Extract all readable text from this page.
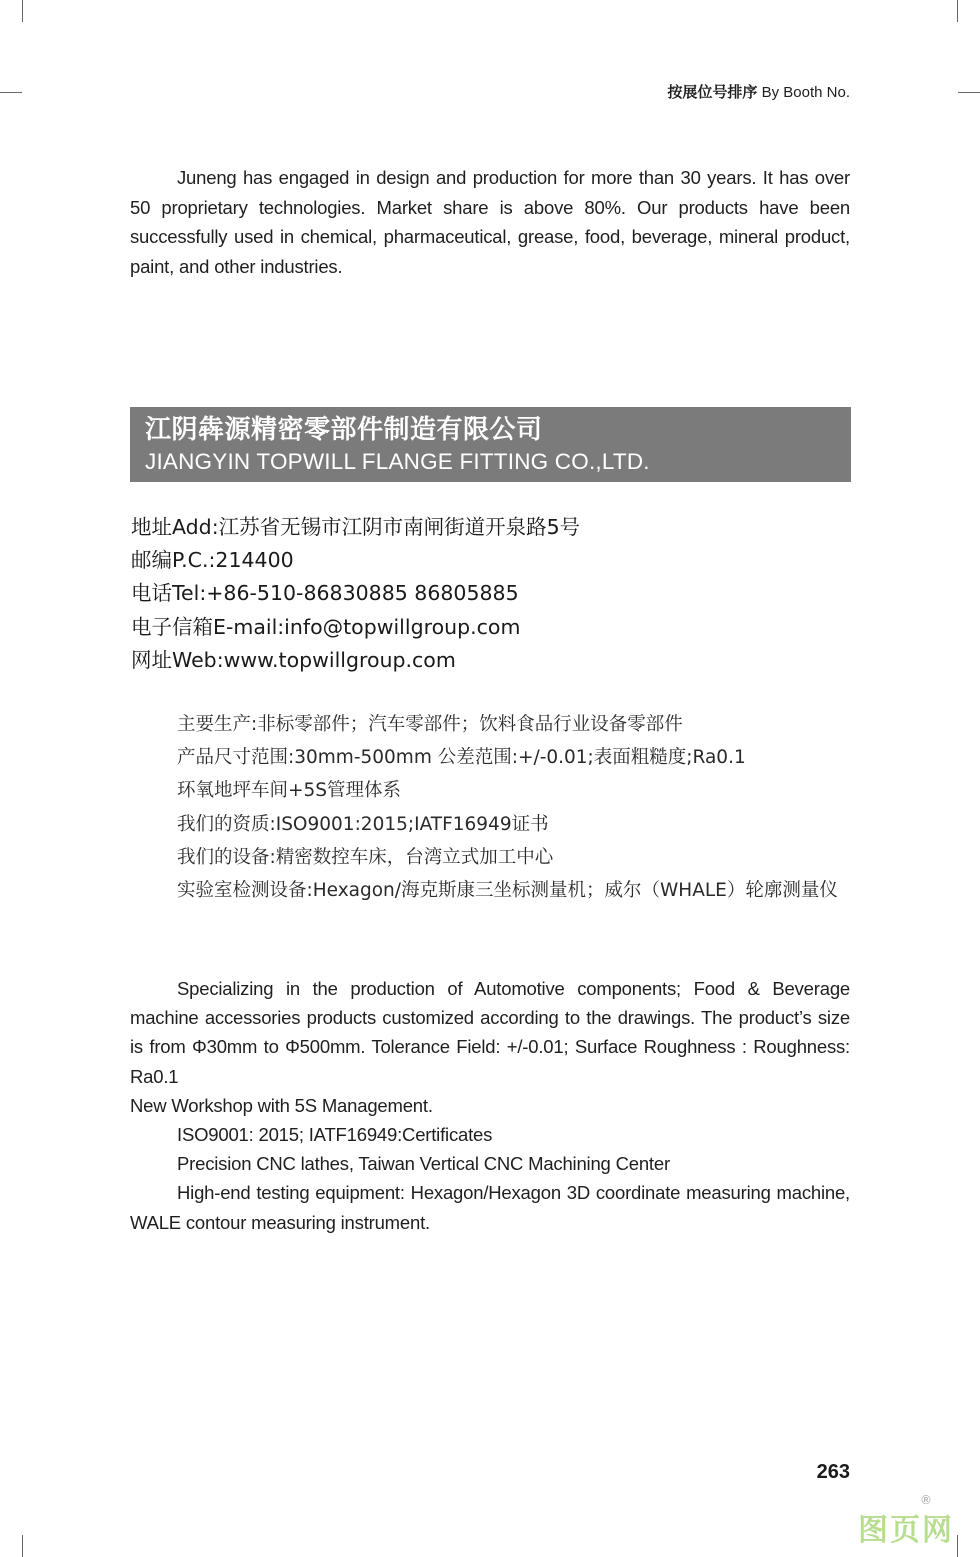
按展位号排序 By Booth No.

Juneng has engaged in design and production for more than 30 years. It has over 50 proprietary technologies. Market share is above 80%. Our products have been successfully used in chemical, pharmaceutical, grease, food, beverage, mineral product, paint, and other industries.

江阴犇源精密零部件制造有限公司
JIANGYIN TOPWILL FLANGE FITTING CO.,LTD.
地址Add:江苏省无锡市江阴市南闸街道开泉路5号
邮编P.C.:214400
电话Tel:+86-510-86830885 86805885
电子信箱E-mail:info@topwillgroup.com
网址Web:www.topwillgroup.com

主要生产:非标零部件；汽车零部件；饮料食品行业设备零部件

产品尺寸范围:30mm-500mm 公差范围:+/-0.01;表面粗糙度;Ra0.1

环氧地坪车间+5S管理体系

我们的资质:ISO9001:2015;IATF16949证书

我们的设备:精密数控车床，台湾立式加工中心

实验室检测设备:Hexagon/海克斯康三坐标测量机；威尔（WHALE）轮廓测量仪

Specializing in the production of Automotive components; Food & Beverage machine accessories products customized according to the drawings. The product’s size is from Φ30mm to Φ500mm. Tolerance Field: +/-0.01; Surface Roughness : Roughness: Ra0.1

New Workshop with 5S Management.

ISO9001: 2015; IATF16949:Certificates

Precision CNC lathes, Taiwan Vertical CNC Machining Center

High-end testing equipment: Hexagon/Hexagon 3D coordinate measuring machine, WALE contour measuring instrument.

263
图页网
®
